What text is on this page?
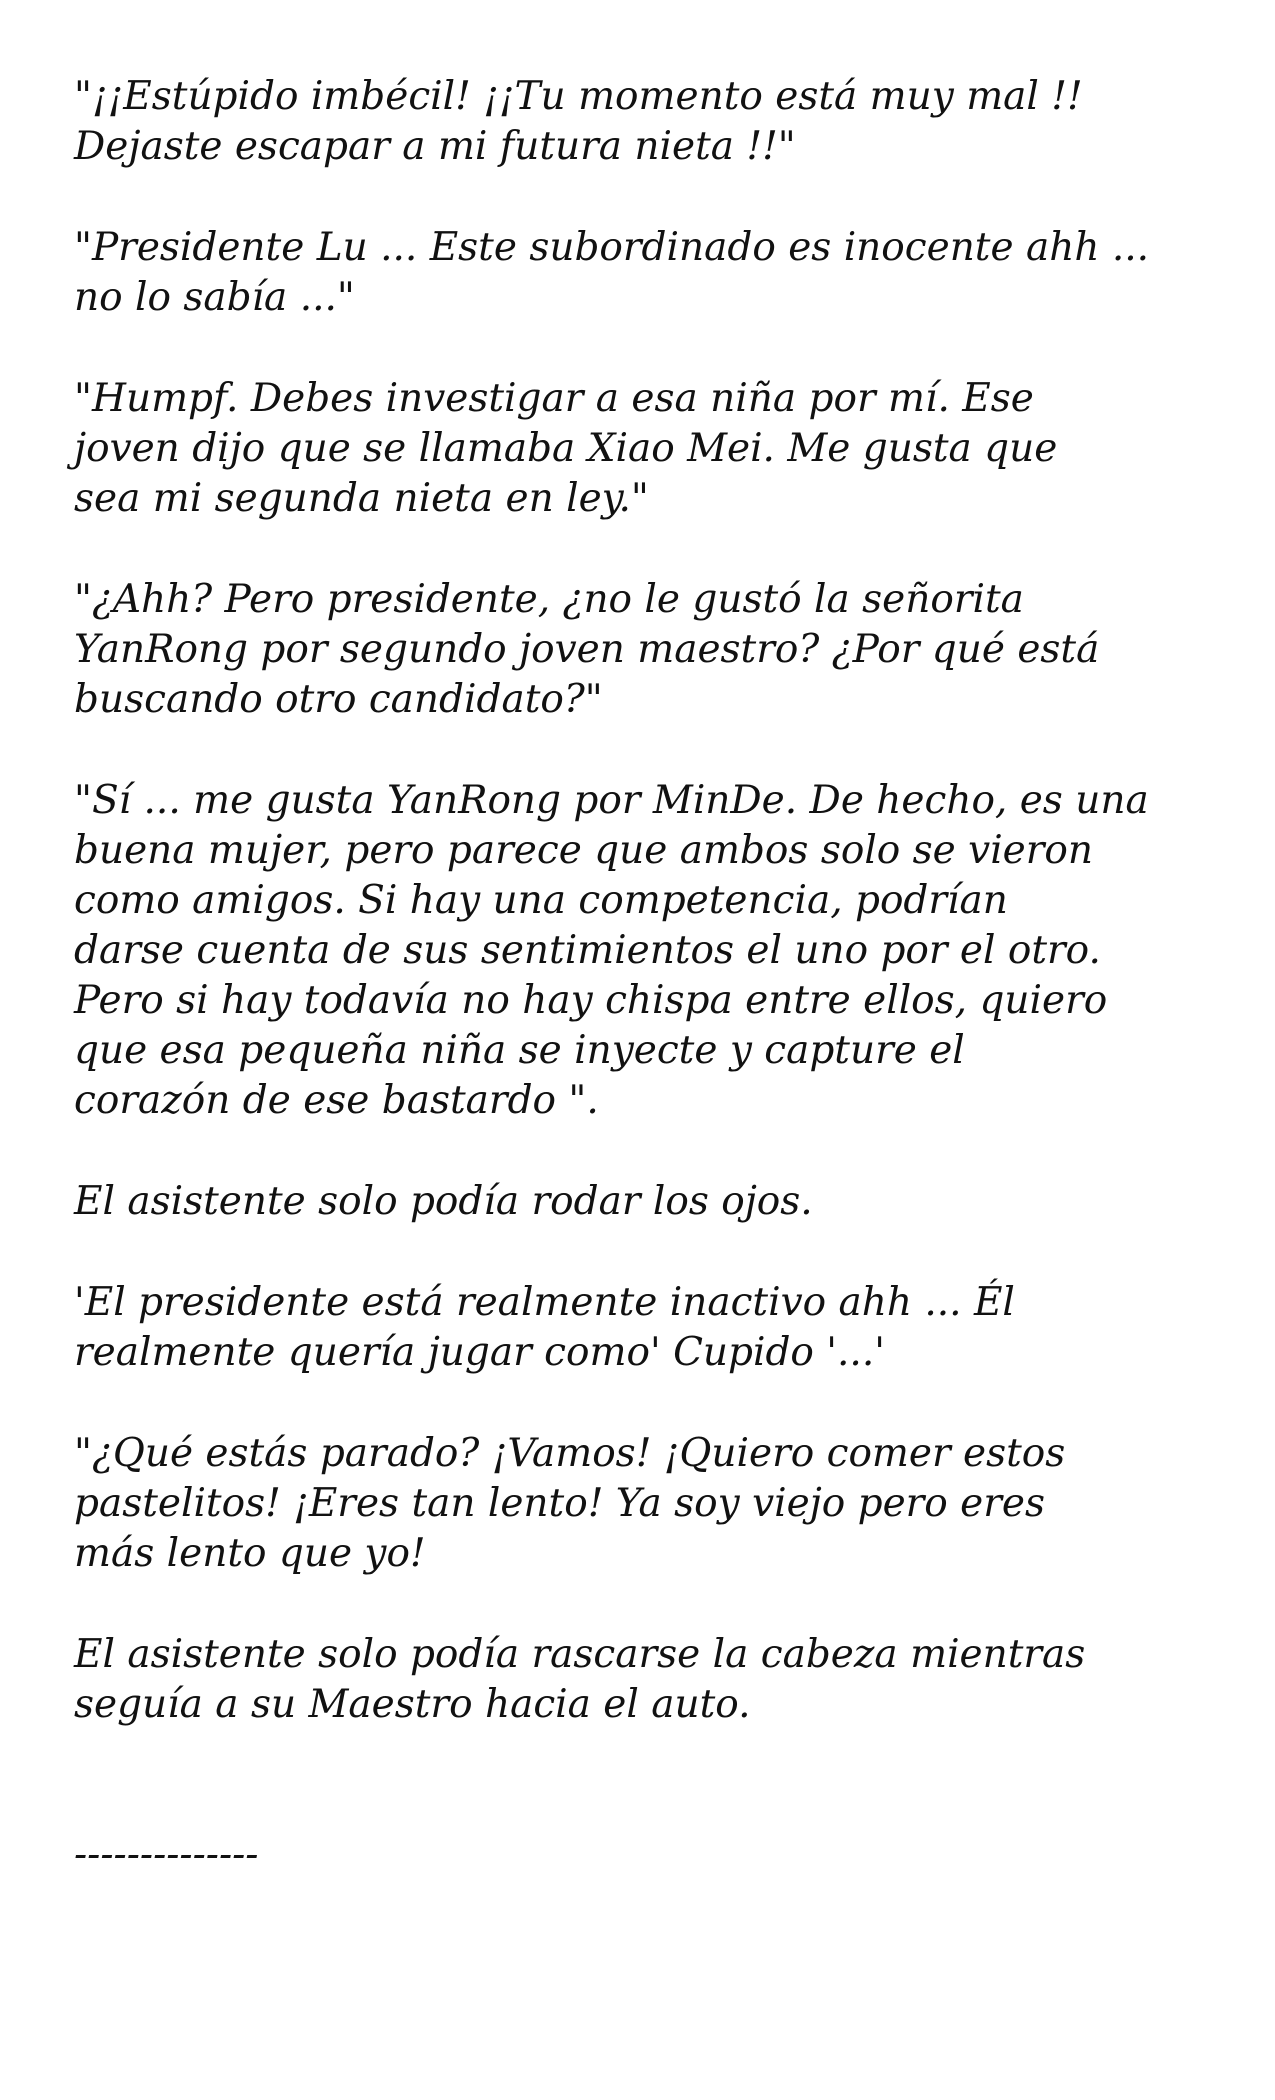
"¡¡Estúpido imbécil! ¡¡Tu momento está muy mal !!
Dejaste escapar a mi futura nieta !!"

"Presidente Lu ... Este subordinado es inocente ahh ...
no lo sabía ..."

"Humpf. Debes investigar a esa niña por mí. Ese
joven dijo que se llamaba Xiao Mei. Me gusta que
sea mi segunda nieta en ley."

"¿Ahh? Pero presidente, ¿no le gustó la señorita
YanRong por segundo joven maestro? ¿Por qué está
buscando otro candidato?"

"Sí ... me gusta YanRong por MinDe. De hecho, es una
buena mujer, pero parece que ambos solo se vieron
como amigos. Si hay una competencia, podrían
darse cuenta de sus sentimientos el uno por el otro.
Pero si hay todavía no hay chispa entre ellos, quiero
que esa pequeña niña se inyecte y capture el
corazón de ese bastardo ".

El asistente solo podía rodar los ojos.

'El presidente está realmente inactivo ahh ... Él
realmente quería jugar como' Cupido '...'

"¿Qué estás parado? ¡Vamos! ¡Quiero comer estos
pastelitos! ¡Eres tan lento! Ya soy viejo pero eres
más lento que yo!

El asistente solo podía rascarse la cabeza mientras
seguía a su Maestro hacia el auto.

--------------
